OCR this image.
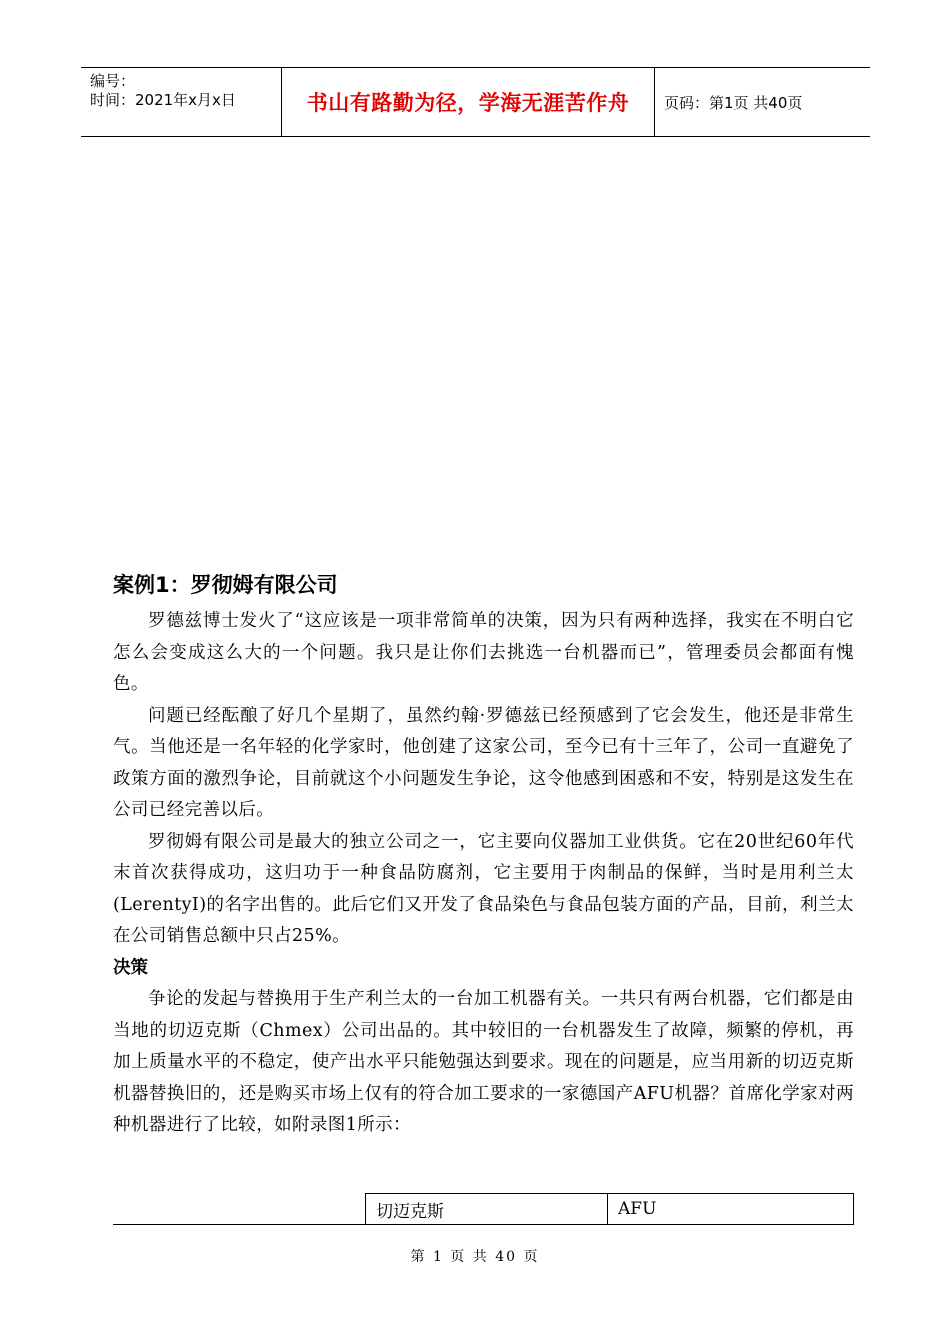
编号：
时间：2021年x月x日	书山有路勤为径，学海无涯苦作舟	页码：第1页 共40页
案例1：罗彻姆有限公司

罗德兹博士发火了“这应该是一项非常简单的决策，因为只有两种选择，我实在不明白它怎么会变成这么大的一个问题。我只是让你们去挑选一台机器而已”，管理委员会都面有愧色。

问题已经酝酿了好几个星期了，虽然约翰·罗德兹已经预感到了它会发生，他还是非常生气。当他还是一名年轻的化学家时，他创建了这家公司，至今已有十三年了，公司一直避免了政策方面的激烈争论，目前就这个小问题发生争论，这令他感到困惑和不安，特别是这发生在公司已经完善以后。

罗彻姆有限公司是最大的独立公司之一，它主要向仪器加工业供货。它在20世纪60年代末首次获得成功，这归功于一种食品防腐剂，它主要用于肉制品的保鲜，当时是用利兰太(LerentyI)的名字出售的。此后它们又开发了食品染色与食品包装方面的产品，目前，利兰太在公司销售总额中只占25%。

决策

争论的发起与替换用于生产利兰太的一台加工机器有关。一共只有两台机器，它们都是由当地的切迈克斯（Chmex）公司出品的。其中较旧的一台机器发生了故障，频繁的停机，再加上质量水平的不稳定，使产出水平只能勉强达到要求。现在的问题是，应当用新的切迈克斯机器替换旧的，还是购买市场上仅有的符合加工要求的一家德国产AFU机器？首席化学家对两种机器进行了比较，如附录图1所示：

切迈克斯	AFU
第 1 页 共 40 页
